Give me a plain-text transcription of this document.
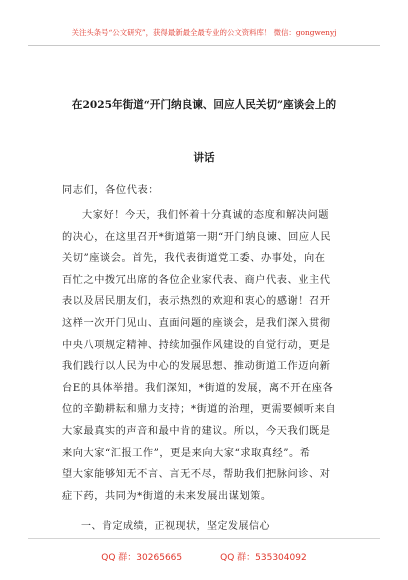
关注头条号“公文研究”，获得最新最全最专业的公文资料库！ 微信：gongwenyj
在2025年街道“开门纳良谏、回应人民关切”座谈会上的
讲话
同志们，各位代表：
大家好！今天，我们怀着十分真诚的态度和解决问题
的决心，在这里召开*街道第一期“开门纳良谏、回应人民
关切”座谈会。首先，我代表街道党工委、办事处，向在
百忙之中拨冗出席的各位企业家代表、商户代表、业主代
表以及居民朋友们，表示热烈的欢迎和衷心的感谢！召开
这样一次开门见山、直面问题的座谈会，是我们深入贯彻
中央八项规定精神、持续加强作风建设的自觉行动，更是
我们践行以人民为中心的发展思想、推动街道工作迈向新
台E的具体举措。我们深知，*街道的发展，离不开在座各
位的辛勤耕耘和鼎力支持；*街道的治理，更需要倾听来自
大家最真实的声音和最中肯的建议。所以，今天我们既是
来向大家“汇报工作”，更是来向大家“求取真经”。希
望大家能够知无不言、言无不尽，帮助我们把脉问诊、对
症下药，共同为*街道的未来发展出谋划策。
一、肯定成绩，正视现状，坚定发展信心
QQ 群：30265665	QQ 群：535304092
